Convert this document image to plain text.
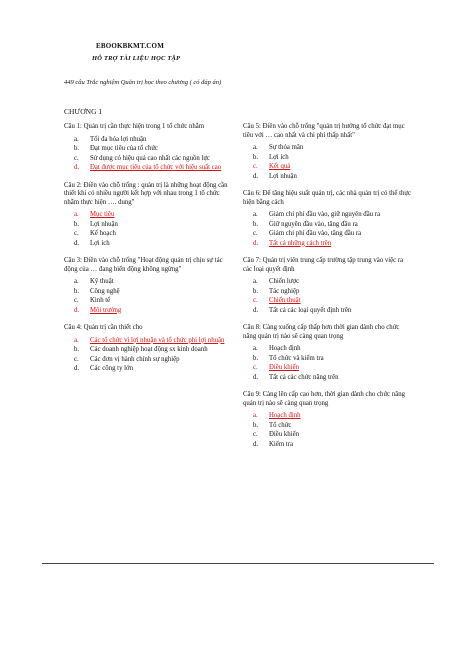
EBOOKBKMT.COM
HỖ TRỢ TÀI LIỆU HỌC TẬP
449 câu Trắc nghiệm Quản trị học theo chương ( có đáp án)
CHƯƠNG 1
Câu 1: Quản trị cần thực hiện trong 1 tổ chức nhằm
a.	Tối đa hóa lợi nhuận
b.	Đạt mục tiêu của tổ chức
c.	Sử dụng có hiệu quả cao nhất các nguồn lực
d.	Đạt được mục tiêu của tổ chức với hiệu suất cao
Câu 2: Điền vào chỗ trống : quản trị là những hoạt động cần thiết khi có nhiều người kết hợp với nhau trong 1 tổ chức nhằm thực hiện …. dung"
a.	Mục tiêu
b.	Lợi nhuận
c.	Kế hoạch
d.	Lợi ích
Câu 3: Điền vào chỗ trống "Hoạt động quản trị chịu sự tác động của … đang biến động không ngừng"
a.	Kỹ thuật
b.	Công nghệ
c.	Kinh tế
d.	Môi trường
Câu 4: Quản trị cần thiết cho
a.	Các tổ chức vì lợi nhuận và tổ chức phi lợi nhuận
b.	Các doanh nghiệp hoạt động sx kinh doanh
c.	Các đơn vị hành chính sự nghiệp
d.	Các công ty lớn
Câu 5: Điền vào chỗ trống "quản trị hướng tổ chức đạt mục tiêu với … cao nhất và chi phí thấp nhất"
a.	Sự thỏa mãn
b.	Lợi ích
c.	Kết quả
d.	Lợi nhuận
Câu 6: Để tăng hiệu suất quản trị, các nhà quản trị có thể thực hiện bằng cách
a.	Giảm chi phí đầu vào, giữ nguyên đầu ra
b.	Giữ nguyên đầu vào, tăng đầu ra
c.	Giảm chi phí đầu vào, tăng đầu ra
d.	Tất cả những cách trên
Câu 7: Quản trị viên trung cấp trường tập trung vào việc ra các loại quyết định
a.	Chiến lược
b.	Tác nghiệp
c.	Chiến thuật
d.	Tất cả các loại quyết định trên
Câu 8: Càng xuống cấp thấp hơn thời gian dành cho chức năng quản trị nào sẽ càng quan trọng
a.	Hoạch định
b.	Tổ chức và kiểm tra
c.	Điều khiển
d.	Tất cả các chức năng trên
Câu 9: Càng lên cấp cao hơn, thời gian dành cho chức năng quản trị nào sẽ càng quan trọng
a.	Hoạch định
b.	Tổ chức
c.	Điều khiển
d.	Kiểm tra
